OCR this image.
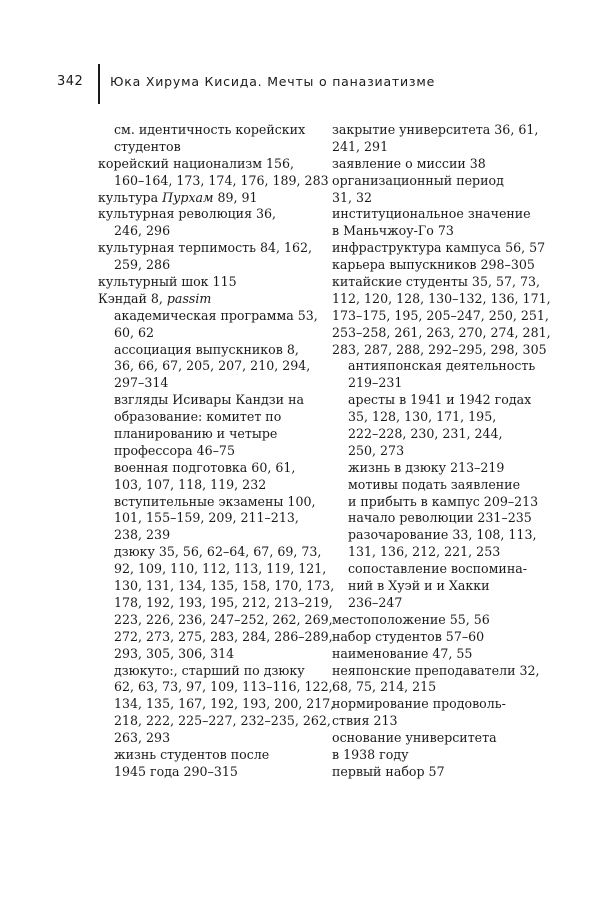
342 Юка Хирума Кисида. Мечты о паназиатизме
см. идентичность корейских
студентов
корейский национализм 156,
160–164, 173, 174, 176, 189, 283
культура Пурхам 89, 91
культурная революция 36,
246, 296
культурная терпимость 84, 162,
259, 286
культурный шок 115
Кэндай 8, passim
академическая программа 53,
60, 62
ассоциация выпускников 8,
36, 66, 67, 205, 207, 210, 294,
297–314
взгляды Исивары Кандзи на
образование: комитет по
планированию и четыре
профессора 46–75
военная подготовка 60, 61,
103, 107, 118, 119, 232
вступительные экзамены 100,
101, 155–159, 209, 211–213,
238, 239
дзюку 35, 56, 62–64, 67, 69, 73,
92, 109, 110, 112, 113, 119, 121,
130, 131, 134, 135, 158, 170, 173,
178, 192, 193, 195, 212, 213–219,
223, 226, 236, 247–252, 262, 269,
272, 273, 275, 283, 284, 286–289,
293, 305, 306, 314
дзюкуто:, старший по дзюку
62, 63, 73, 97, 109, 113–116, 122,
134, 135, 167, 192, 193, 200, 217,
218, 222, 225–227, 232–235, 262,
263, 293
жизнь студентов после
1945 года 290–315
закрытие университета 36, 61,
241, 291
заявление о миссии 38
организационный период
31, 32
институциональное значение
в Маньчжоу-Го 73
инфраструктура кампуса 56, 57
карьера выпускников 298–305
китайские студенты 35, 57, 73,
112, 120, 128, 130–132, 136, 171,
173–175, 195, 205–247, 250, 251,
253–258, 261, 263, 270, 274, 281,
283, 287, 288, 292–295, 298, 305
антияпонская деятельность
219–231
аресты в 1941 и 1942 годах
35, 128, 130, 171, 195,
222–228, 230, 231, 244,
250, 273
жизнь в дзюку 213–219
мотивы подать заявление
и прибыть в кампус 209–213
начало революции 231–235
разочарование 33, 108, 113,
131, 136, 212, 221, 253
сопоставление воспомина-
ний в Хуэй и и Хакки
236–247
местоположение 55, 56
набор студентов 57–60
наименование 47, 55
неяпонские преподаватели 32,
68, 75, 214, 215
нормирование продоволь-
ствия 213
основание университета
в 1938 году
первый набор 57
